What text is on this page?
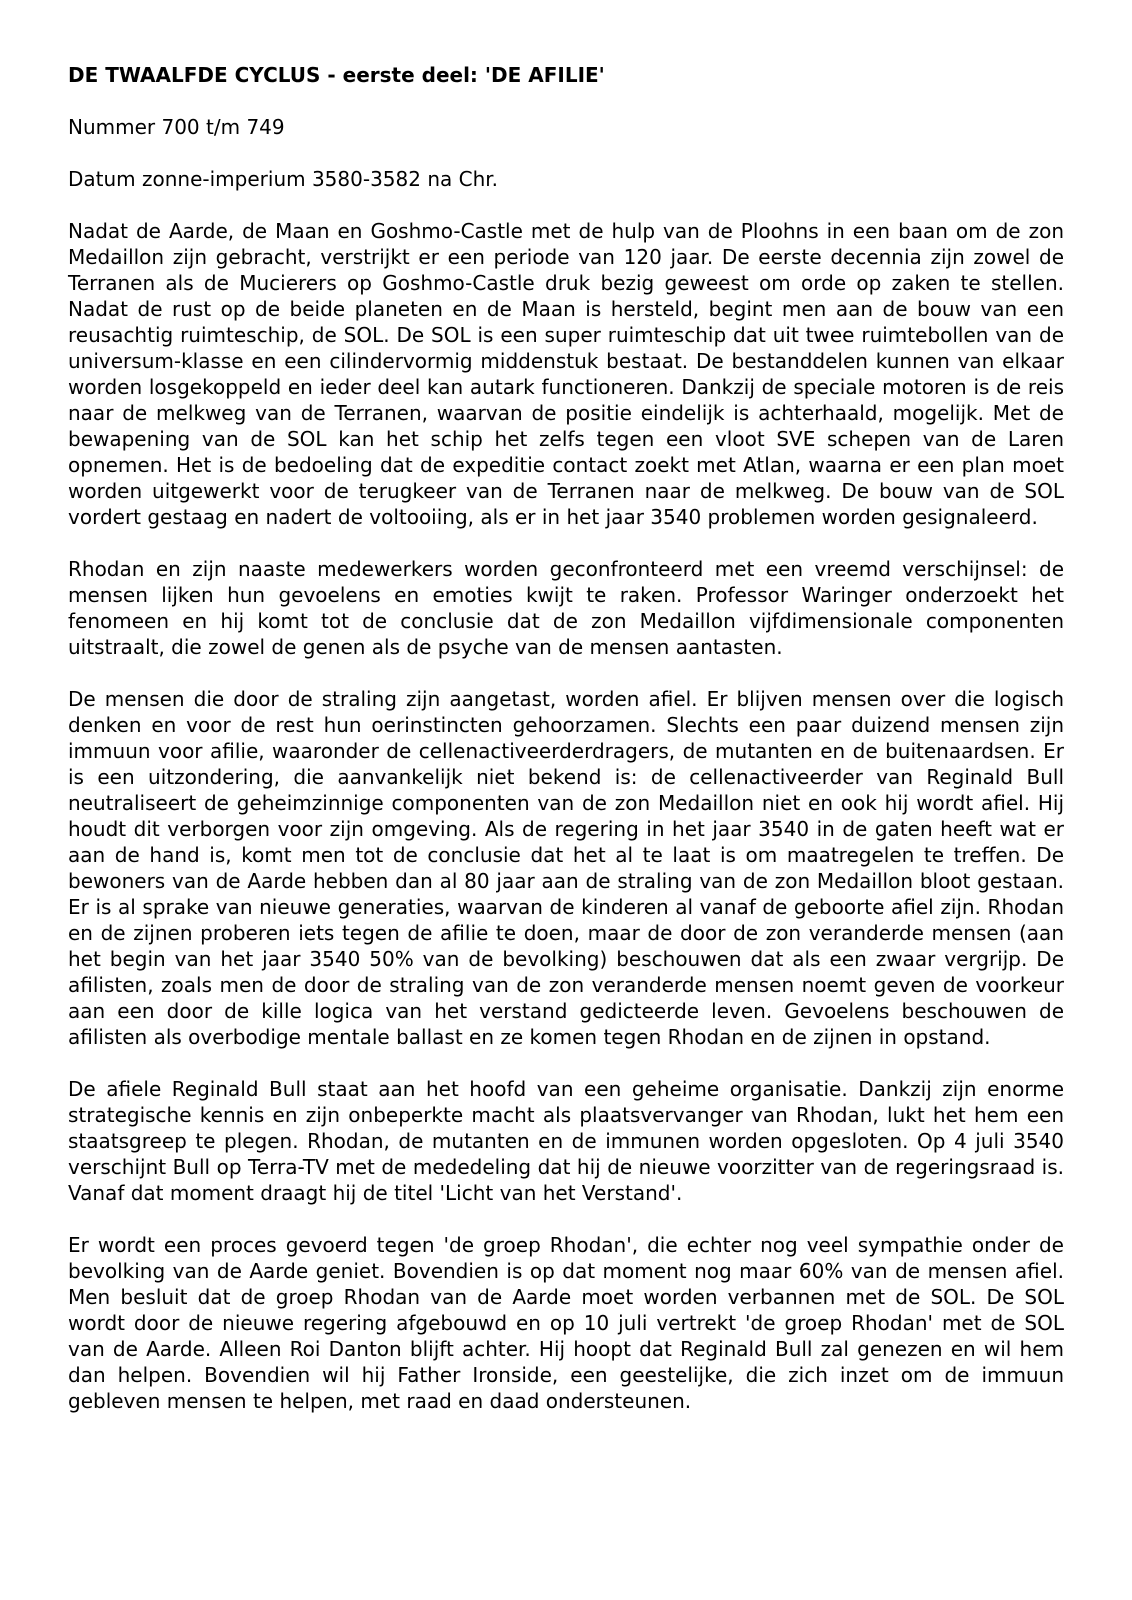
DE TWAALFDE CYCLUS - eerste deel: 'DE AFILIE'

Nummer 700 t/m 749

Datum zonne-imperium 3580-3582 na Chr.

Nadat de Aarde, de Maan en Goshmo-Castle met de hulp van de Ploohns in een baan om de zon Medaillon zijn gebracht, verstrijkt er een periode van 120 jaar. De eerste decennia zijn zowel de Terranen als de Mucierers op Goshmo-Castle druk bezig geweest om orde op zaken te stellen. Nadat de rust op de beide planeten en de Maan is hersteld, begint men aan de bouw van een reusachtig ruimteschip, de SOL. De SOL is een super ruimteschip dat uit twee ruimtebollen van de universum-klasse en een cilindervormig middenstuk bestaat. De bestanddelen kunnen van elkaar worden losgekoppeld en ieder deel kan autark functioneren. Dankzij de speciale motoren is de reis naar de melkweg van de Terranen, waarvan de positie eindelijk is achterhaald, mogelijk. Met de bewapening van de SOL kan het schip het zelfs tegen een vloot SVE schepen van de Laren opnemen. Het is de bedoeling dat de expeditie contact zoekt met Atlan, waarna er een plan moet worden uitgewerkt voor de terugkeer van de Terranen naar de melkweg. De bouw van de SOL vordert gestaag en nadert de voltooiing, als er in het jaar 3540 problemen worden gesignaleerd.

Rhodan en zijn naaste medewerkers worden geconfronteerd met een vreemd verschijnsel: de mensen lijken hun gevoelens en emoties kwijt te raken. Professor Waringer onderzoekt het fenomeen en hij komt tot de conclusie dat de zon Medaillon vijfdimensionale componenten uitstraalt, die zowel de genen als de psyche van de mensen aantasten.

De mensen die door de straling zijn aangetast, worden afiel. Er blijven mensen over die logisch denken en voor de rest hun oerinstincten gehoorzamen. Slechts een paar duizend mensen zijn immuun voor afilie, waaronder de cellenactiveerderdragers, de mutanten en de buitenaardsen. Er is een uitzondering, die aanvankelijk niet bekend is: de cellenactiveerder van Reginald Bull neutraliseert de geheimzinnige componenten van de zon Medaillon niet en ook hij wordt afiel. Hij houdt dit verborgen voor zijn omgeving. Als de regering in het jaar 3540 in de gaten heeft wat er aan de hand is, komt men tot de conclusie dat het al te laat is om maatregelen te treffen. De bewoners van de Aarde hebben dan al 80 jaar aan de straling van de zon Medaillon bloot gestaan. Er is al sprake van nieuwe generaties, waarvan de kinderen al vanaf de geboorte afiel zijn. Rhodan en de zijnen proberen iets tegen de afilie te doen, maar de door de zon veranderde mensen (aan het begin van het jaar 3540 50% van de bevolking) beschouwen dat als een zwaar vergrijp. De afilisten, zoals men de door de straling van de zon veranderde mensen noemt geven de voorkeur aan een door de kille logica van het verstand gedicteerde leven. Gevoelens beschouwen de afilisten als overbodige mentale ballast en ze komen tegen Rhodan en de zijnen in opstand.

De afiele Reginald Bull staat aan het hoofd van een geheime organisatie. Dankzij zijn enorme strategische kennis en zijn onbeperkte macht als plaatsvervanger van Rhodan, lukt het hem een staatsgreep te plegen. Rhodan, de mutanten en de immunen worden opgesloten. Op 4 juli 3540 verschijnt Bull op Terra-TV met de mededeling dat hij de nieuwe voorzitter van de regeringsraad is. Vanaf dat moment draagt hij de titel 'Licht van het Verstand'.

Er wordt een proces gevoerd tegen 'de groep Rhodan', die echter nog veel sympathie onder de bevolking van de Aarde geniet. Bovendien is op dat moment nog maar 60% van de mensen afiel. Men besluit dat de groep Rhodan van de Aarde moet worden verbannen met de SOL. De SOL wordt door de nieuwe regering afgebouwd en op 10 juli vertrekt 'de groep Rhodan' met de SOL van de Aarde. Alleen Roi Danton blijft achter. Hij hoopt dat Reginald Bull zal genezen en wil hem dan helpen. Bovendien wil hij Father Ironside, een geestelijke, die zich inzet om de immuun gebleven mensen te helpen, met raad en daad ondersteunen.
